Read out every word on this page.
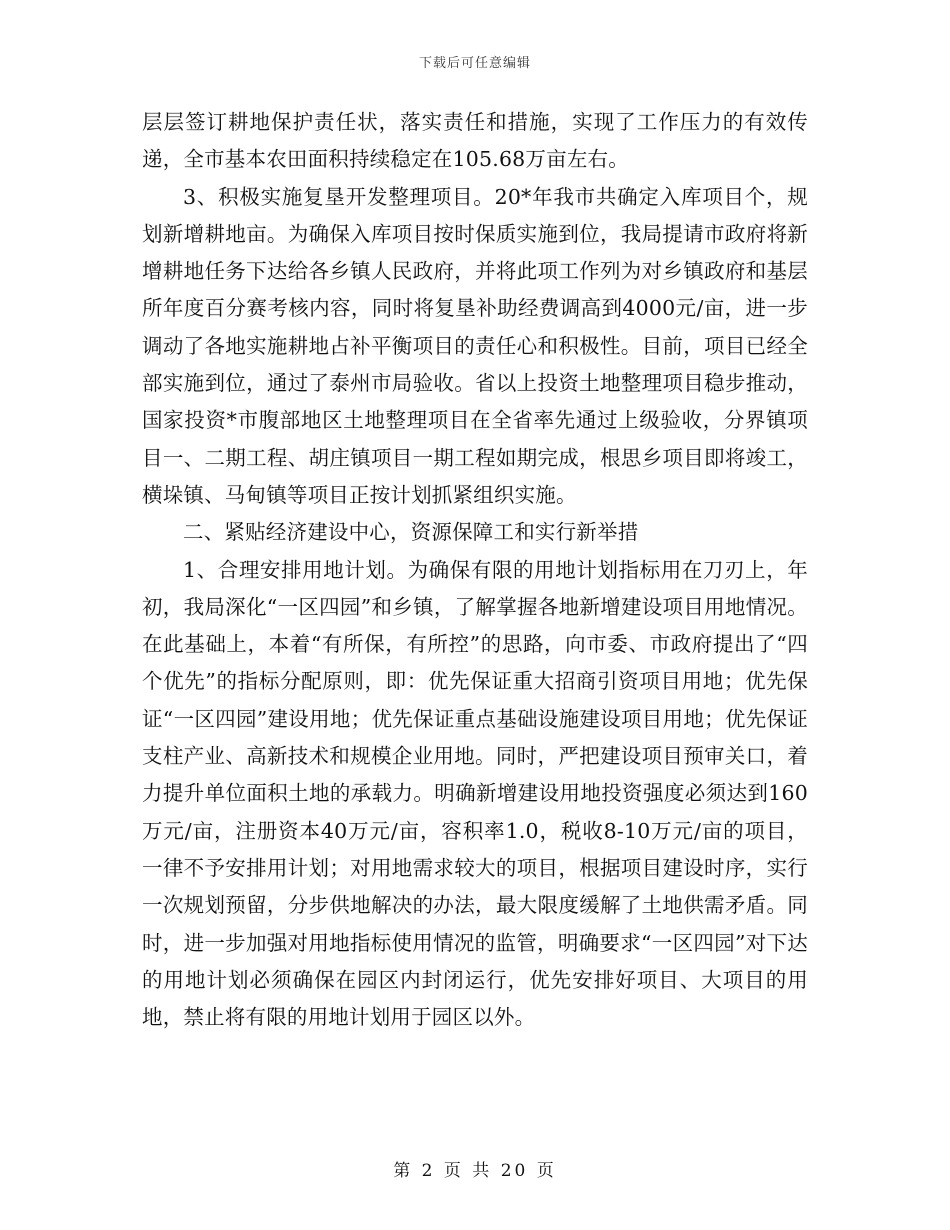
下载后可任意编辑

层层签订耕地保护责任状，落实责任和措施，实现了工作压力的有效传递，全市基本农田面积持续稳定在105.68万亩左右。

3、积极实施复垦开发整理项目。20*年我市共确定入库项目个，规划新增耕地亩。为确保入库项目按时保质实施到位，我局提请市政府将新增耕地任务下达给各乡镇人民政府，并将此项工作列为对乡镇政府和基层所年度百分赛考核内容，同时将复垦补助经费调高到4000元/亩，进一步调动了各地实施耕地占补平衡项目的责任心和积极性。目前，项目已经全部实施到位，通过了泰州市局验收。省以上投资土地整理项目稳步推动，国家投资*市腹部地区土地整理项目在全省率先通过上级验收，分界镇项目一、二期工程、胡庄镇项目一期工程如期完成，根思乡项目即将竣工，横垛镇、马甸镇等项目正按计划抓紧组织实施。

二、紧贴经济建设中心，资源保障工和实行新举措

1、合理安排用地计划。为确保有限的用地计划指标用在刀刃上，年初，我局深化“一区四园”和乡镇，了解掌握各地新增建设项目用地情况。在此基础上，本着“有所保，有所控”的思路，向市委、市政府提出了“四个优先”的指标分配原则，即：优先保证重大招商引资项目用地；优先保证“一区四园”建设用地；优先保证重点基础设施建设项目用地；优先保证支柱产业、高新技术和规模企业用地。同时，严把建设项目预审关口，着力提升单位面积土地的承载力。明确新增建设用地投资强度必须达到160万元/亩，注册资本40万元/亩，容积率1.0，税收8-10万元/亩的项目，一律不予安排用计划；对用地需求较大的项目，根据项目建设时序，实行一次规划预留，分步供地解决的办法，最大限度缓解了土地供需矛盾。同时，进一步加强对用地指标使用情况的监管，明确要求“一区四园”对下达的用地计划必须确保在园区内封闭运行，优先安排好项目、大项目的用地，禁止将有限的用地计划用于园区以外。

第 2 页 共 20 页
